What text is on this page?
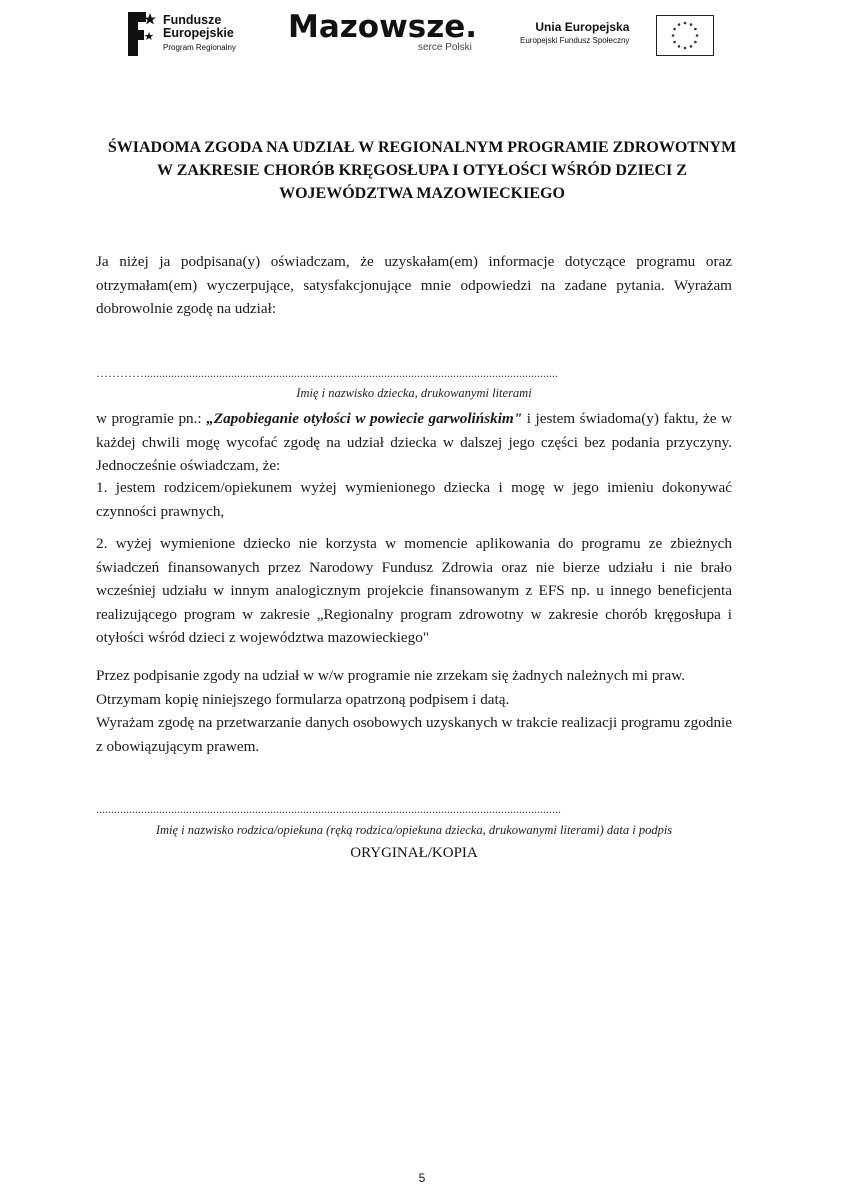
Fundusze
Europejskie
Program Regionalny
Mazowsze.
serce Polski
Unia Europejska
Europejski Fundusz Społeczny
ŚWIADOMA ZGODA NA UDZIAŁ W REGIONALNYM PROGRAMIE ZDROWOTNYM W ZAKRESIE CHORÓB KRĘGOSŁUPA I OTYŁOŚCI WŚRÓD DZIECI Z WOJEWÓDZTWA MAZOWIECKIEGO

Ja niżej ja podpisana(y) oświadczam, że uzyskałam(em) informacje dotyczące programu oraz otrzymałam(em) wyczerpujące, satysfakcjonujące mnie odpowiedzi na zadane pytania. Wyrażam dobrowolnie zgodę na udział:

…………..........................................................................................................................................

Imię i nazwisko dziecka, drukowanymi literami

w programie pn.: „Zapobieganie otyłości w powiecie garwolińskim" i jestem świadoma(y) faktu, że w każdej chwili mogę wycofać zgodę na udział dziecka w dalszej jego części bez podania przyczyny. Jednocześnie oświadczam, że:

1. jestem rodzicem/opiekunem wyżej wymienionego dziecka i mogę w jego imieniu dokonywać czynności prawnych,

2. wyżej wymienione dziecko nie korzysta w momencie aplikowania do programu ze zbieżnych świadczeń finansowanych przez Narodowy Fundusz Zdrowia oraz nie bierze udziału i nie brało wcześniej udziału w innym analogicznym projekcie finansowanym z EFS np. u innego beneficjenta realizującego program w zakresie „Regionalny program zdrowotny w zakresie chorób kręgosłupa i otyłości wśród dzieci z województwa mazowieckiego"

Przez podpisanie zgody na udział w w/w programie nie zrzekam się żadnych należnych mi praw.
Otrzymam kopię niniejszego formularza opatrzoną podpisem i datą.
Wyrażam zgodę na przetwarzanie danych osobowych uzyskanych w trakcie realizacji programu zgodnie z obowiązującym prawem.
...........................................................................................................................................................

Imię i nazwisko rodzica/opiekuna (ręką rodzica/opiekuna dziecka, drukowanymi literami) data i podpis

ORYGINAŁ/KOPIA
5
